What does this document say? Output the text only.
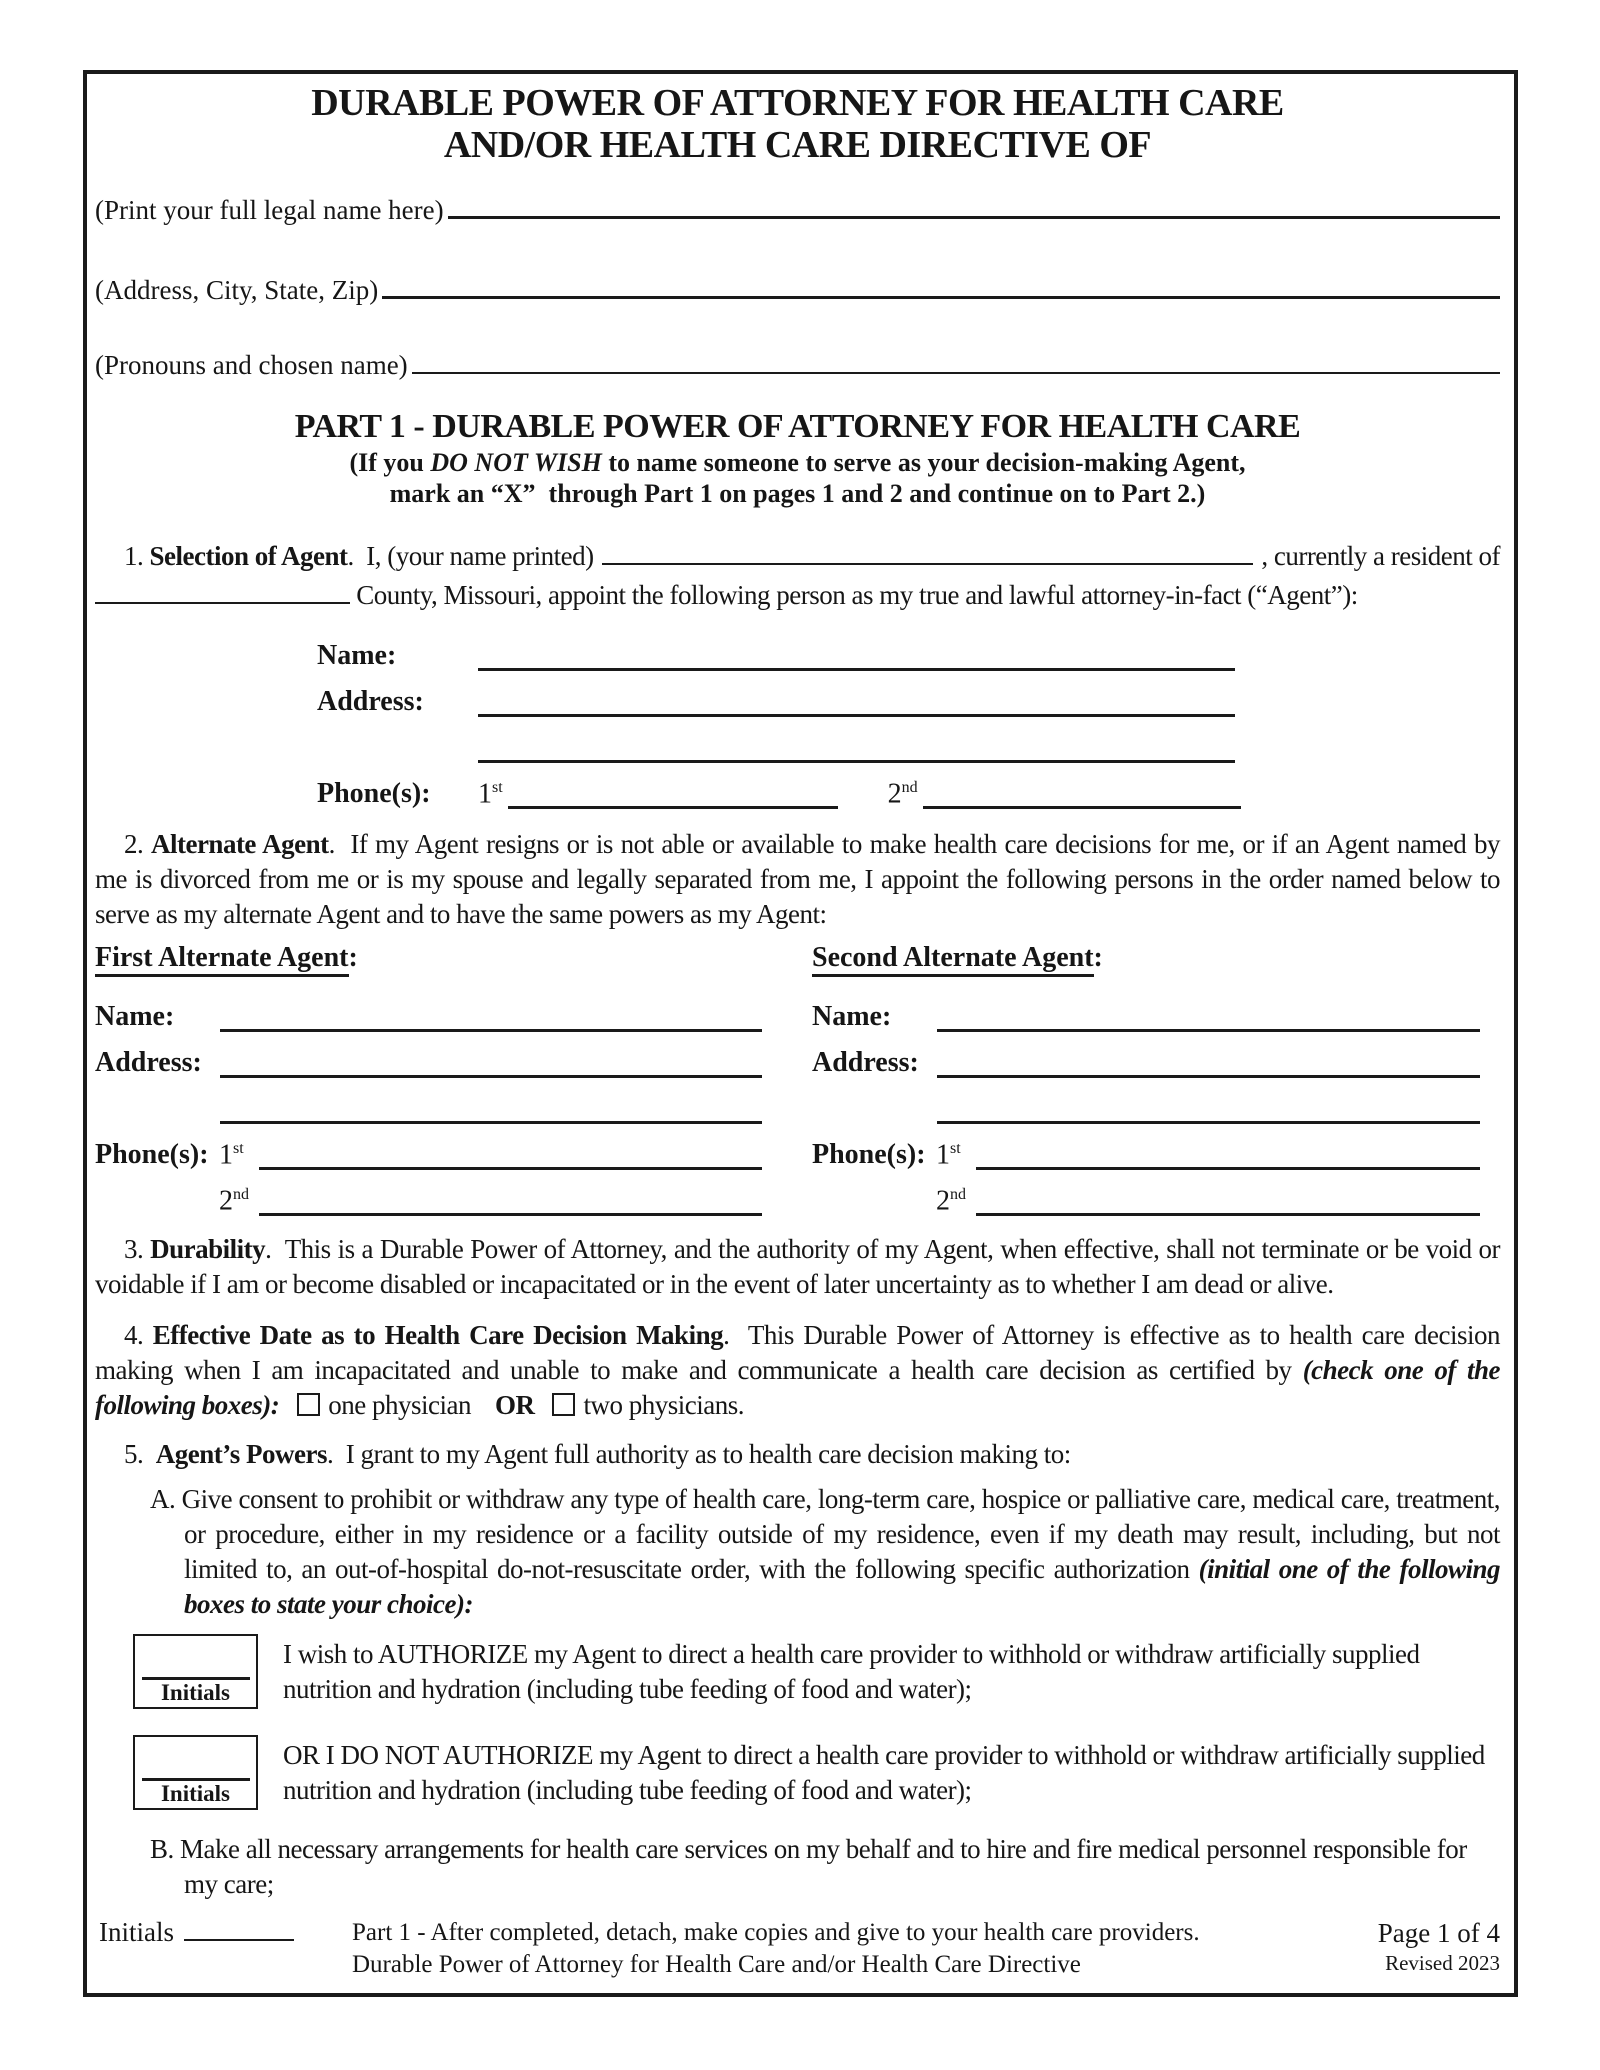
DURABLE POWER OF ATTORNEY FOR HEALTH CARE
AND/OR HEALTH CARE DIRECTIVE OF
(Print your full legal name here)
(Address, City, State, Zip)
(Pronouns and chosen name)
PART 1 - DURABLE POWER OF ATTORNEY FOR HEALTH CARE
(If you DO NOT WISH to name someone to serve as your decision-making Agent,
mark an “X”  through Part 1 on pages 1 and 2 and continue on to Part 2.)
1. Selection of Agent.  I, (your name printed)	, currently a resident of
County, Missouri, appoint the following person as my true and lawful attorney-in-fact (“Agent”):
Name:
Address:
Phone(s):	1st	2nd
2. Alternate Agent.  If my Agent resigns or is not able or available to make health care decisions for me, or if an Agent named by me is divorced from me or is my spouse and legally separated from me, I appoint the following persons in the order named below to serve as my alternate Agent and to have the same powers as my Agent:
First Alternate Agent:
Name:
Address:
Phone(s): 1st
2nd
Second Alternate Agent:
Name:
Address:
Phone(s): 1st
2nd
3. Durability.  This is a Durable Power of Attorney, and the authority of my Agent, when effective, shall not terminate or be void or voidable if I am or become disabled or incapacitated or in the event of later uncertainty as to whether I am dead or alive.
4. Effective Date as to Health Care Decision Making.  This Durable Power of Attorney is effective as to health care decision making when I am incapacitated and unable to make and communicate a health care decision as certified by (check one of the following boxes): one physician OR two physicians.
5.  Agent’s Powers.  I grant to my Agent full authority as to health care decision making to:
A. Give consent to prohibit or withdraw any type of health care, long-term care, hospice or palliative care, medical care, treatment, or procedure, either in my residence or a facility outside of my residence, even if my death may result, including, but not limited to, an out-of-hospital do-not-resuscitate order, with the following specific authorization (initial one of the following boxes to state your choice):
Initials
I wish to AUTHORIZE my Agent to direct a health care provider to withhold or withdraw artificially supplied nutrition and hydration (including tube feeding of food and water);
Initials
OR I DO NOT AUTHORIZE my Agent to direct a health care provider to withhold or withdraw artificially supplied nutrition and hydration (including tube feeding of food and water);
B. Make all necessary arrangements for health care services on my behalf and to hire and fire medical personnel responsible for my care;
Initials	Part 1 - After completed, detach, make copies and give to your health care providers.
Durable Power of Attorney for Health Care and/or Health Care Directive
Page 1 of 4
Revised 2023
